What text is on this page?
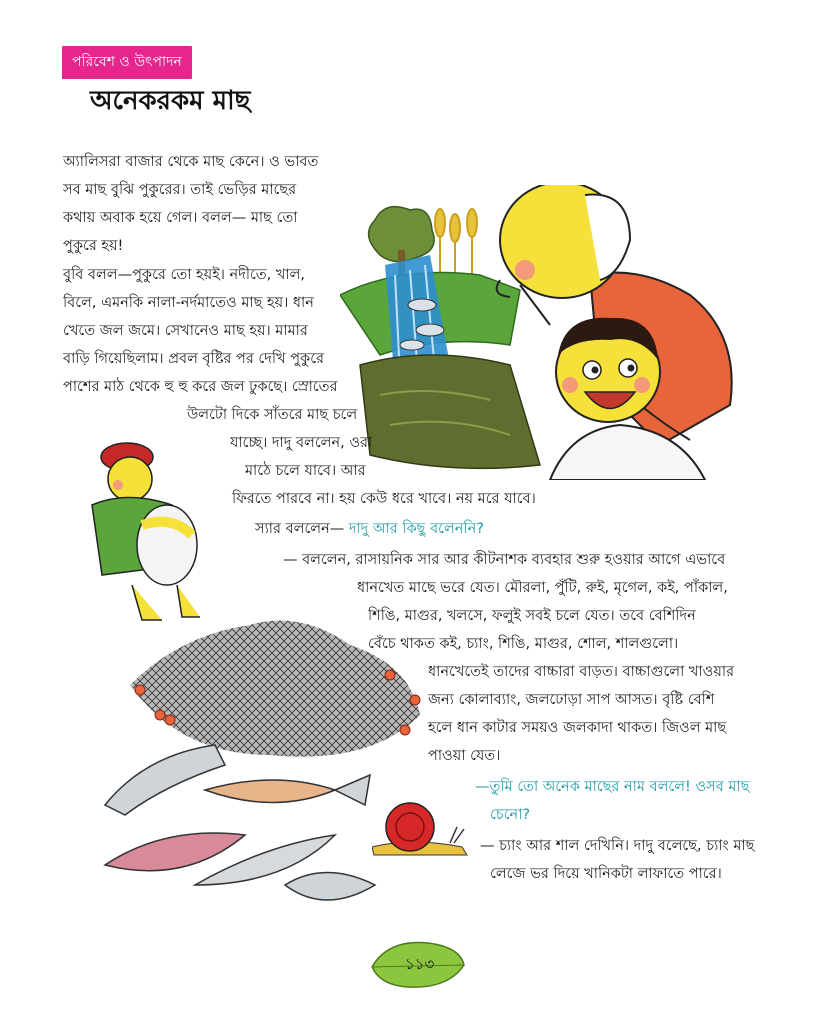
পরিবেশ ও উৎপাদন
অনেকরকম মাছ
অ্যালিসরা বাজার থেকে মাছ কেনে। ও ভাবত
সব মাছ বুঝি পুকুরের। তাই ভেড়ির মাছের
কথায় অবাক হয়ে গেল। বলল— মাছ তো
পুকুরে হয়!
বুবি বলল—পুকুরে তো হয়ই। নদীতে, খাল,
বিলে, এমনকি নালা-নর্দমাতেও মাছ হয়। ধান
খেতে জল জমে। সেখানেও মাছ হয়। মামার
বাড়ি গিয়েছিলাম। প্রবল বৃষ্টির পর দেখি পুকুরে
পাশের মাঠ থেকে হু হু করে জল ঢুকছে। স্রোতের
উলটো দিকে সাঁতরে মাছ চলে
যাচ্ছে। দাদু বললেন, ওরা
মাঠে চলে যাবে। আর
ফিরতে পারবে না। হয় কেউ ধরে খাবে। নয় মরে যাবে।
স্যার বললেন— দাদু আর কিছু বলেননি?
— বললেন, রাসায়নিক সার আর কীটনাশক ব্যবহার শুরু হওয়ার আগে এভাবে
ধানখেত মাছে ভরে যেত। মৌরলা, পুঁটি, রুই, মৃগেল, কই, পাঁকাল,
শিঙি, মাগুর, খলসে, ফলুই সবই চলে যেত। তবে বেশিদিন
বেঁচে থাকত কই, চ্যাং, শিঙি, মাগুর, শোল, শালগুলো।
ধানখেতেই তাদের বাচ্চারা বাড়ত। বাচ্চাগুলো খাওয়ার
জন্য কোলাব্যাং, জলঢোড়া সাপ আসত। বৃষ্টি বেশি
হলে ধান কাটার সময়ও জলকাদা থাকত। জিওল মাছ
পাওয়া যেত।
—তুমি তো অনেক মাছের নাম বললে! ওসব মাছ
চেনো?
— চ্যাং আর শাল দেখিনি। দাদু বলেছে, চ্যাং মাছ
লেজে ভর দিয়ে খানিকটা লাফাতে পারে।
১১৩
